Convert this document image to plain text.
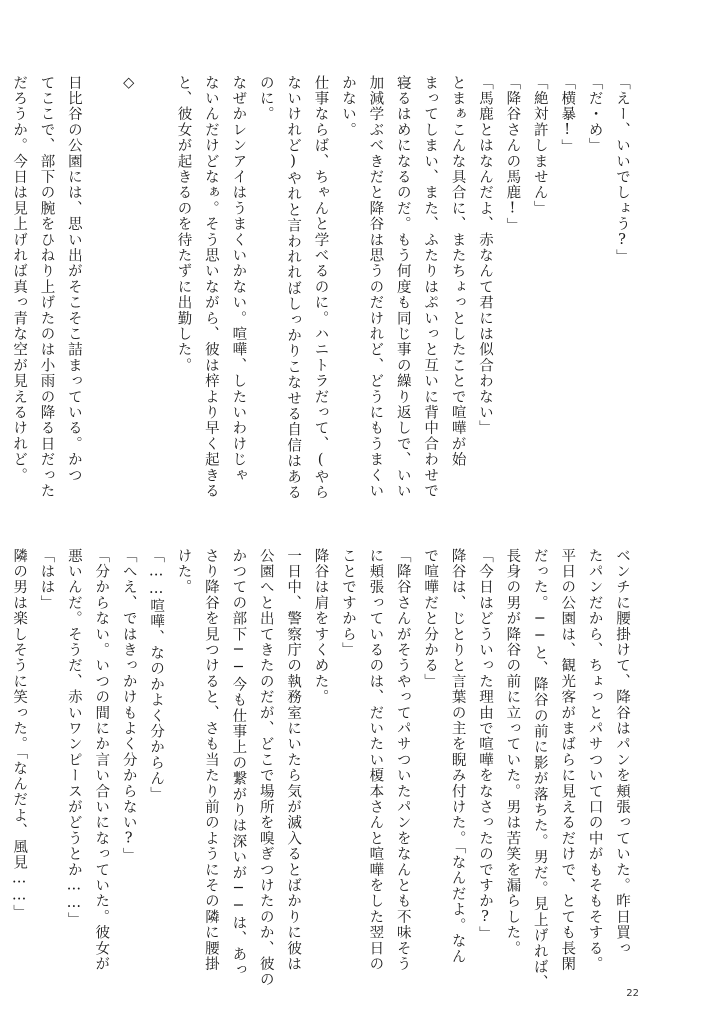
「えー、いいでしょう?」
「だ・め」
「横暴!」
「絶対許しません」
「降谷さんの馬鹿!」
「馬鹿とはなんだよ、赤なんて君には似合わない」
とまぁこんな具合に、またちょっとしたことで喧嘩が始
まってしまい、また、ふたりはぷいっと互いに背中合わせで
寝るはめになるのだ。もう何度も同じ事の繰り返しで、いい
加減学ぶべきだと降谷は思うのだけれど、どうにもうまくい
かない。
仕事ならば、ちゃんと学べるのに。ハニトラだって、(やら
ないけれど)やれと言われればしっかりこなせる自信はある
のに。
なぜかレンアイはうまくいかない。喧嘩、したいわけじゃ
ないんだけどなぁ。そう思いながら、彼は梓より早く起きる
と、彼女が起きるのを待たずに出勤した。

◇

日比谷の公園には、思い出がそこそこ詰まっている。かつ
てここで、部下の腕をひねり上げたのは小雨の降る日だった
だろうか。今日は見上げれば真っ青な空が見えるけれど。
ベンチに腰掛けて、降谷はパンを頬張っていた。昨日買っ
たパンだから、ちょっとパサついて口の中がもそもそする。
平日の公園は、観光客がまばらに見えるだけで、とても長閑
だった。──と、降谷の前に影が落ちた。男だ。見上げれば、
長身の男が降谷の前に立っていた。男は苦笑を漏らした。
「今日はどういった理由で喧嘩をなさったのですか?」
降谷は、じとりと言葉の主を睨み付けた。「なんだよ。なん
で喧嘩だと分かる」
「降谷さんがそうやってパサついたパンをなんとも不味そう
に頬張っているのは、だいたい榎本さんと喧嘩をした翌日の
ことですから」
降谷は肩をすくめた。
一日中、警察庁の執務室にいたら気が滅入るとばかりに彼は
公園へと出てきたのだが、どこで場所を嗅ぎつけたのか、彼の
かつての部下──今も仕事上の繋がりは深いが──は、あっ
さり降谷を見つけると、さも当たり前のようにその隣に腰掛
けた。
「……喧嘩、なのかよく分からん」
「へえ、ではきっかけもよく分からない?」
「分からない。いつの間にか言い合いになっていた。彼女が
悪いんだ。そうだ、赤いワンピースがどうとか……」
「はは」
隣の男は楽しそうに笑った。「なんだよ、風見……」
22
